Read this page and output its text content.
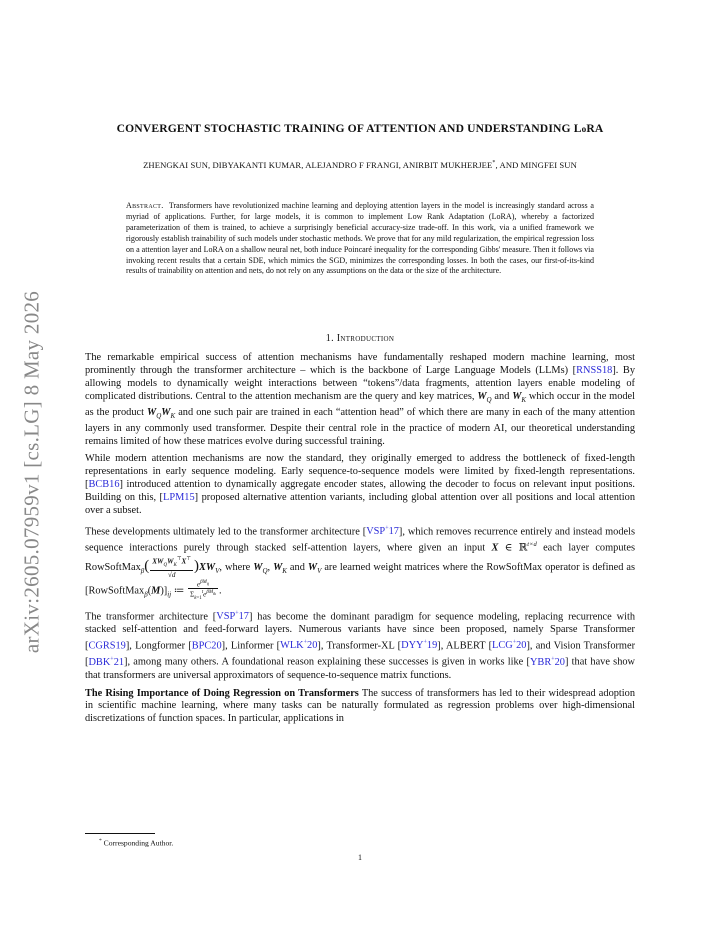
arXiv:2605.07959v1 [cs.LG] 8 May 2026
CONVERGENT STOCHASTIC TRAINING OF ATTENTION AND UNDERSTANDING LoRA
ZHENGKAI SUN, DIBYAKANTI KUMAR, ALEJANDRO F FRANGI, ANIRBIT MUKHERJEE*, AND MINGFEI SUN
Abstract. Transformers have revolutionized machine learning and deploying attention layers in the model is increasingly standard across a myriad of applications. Further, for large models, it is common to implement Low Rank Adaptation (LoRA), whereby a factorized parameterization of them is trained, to achieve a surprisingly beneficial accuracy-size trade-off. In this work, via a unified framework we rigorously establish trainability of such models under stochastic methods. We prove that for any mild regularization, the empirical regression loss on a attention layer and LoRA on a shallow neural net, both induce Poincaré inequality for the corresponding Gibbs' measure. Then it follows via invoking recent results that a certain SDE, which mimics the SGD, minimizes the corresponding losses. In both the cases, our first-of-its-kind results of trainability on attention and nets, do not rely on any assumptions on the data or the size of the architecture.
1. Introduction

The remarkable empirical success of attention mechanisms have fundamentally reshaped modern machine learning, most prominently through the transformer architecture – which is the backbone of Large Language Models (LLMs) [RNSS18]. By allowing models to dynamically weight interactions between “tokens”/data fragments, attention layers enable modeling of complicated distributions. Central to the attention mechanism are the query and key matrices, $W_Q$ and $W_K$ which occur in the model as the product $W_QW_K$ and one such pair are trained in each “attention head” of which there are many in each of the many attention layers in any commonly used transformer. Despite their central role in the practice of modern AI, our theoretical understanding remains limited of how these matrices evolve during successful training.

While modern attention mechanisms are now the standard, they originally emerged to address the bottleneck of fixed-length representations in early sequence modeling. Early sequence-to-sequence models were limited by fixed-length representations. [BCB16] introduced attention to dynamically aggregate encoder states, allowing the decoder to focus on relevant input positions. Building on this, [LPM15] proposed alternative attention variants, including global attention over all positions and local attention over a subset.

These developments ultimately led to the transformer architecture [VSP+17], which removes recurrence entirely and instead models sequence interactions purely through stacked self-attention layers, where given an input X ∈ ℝ$^{t\times d}$ each layer computes RowSoftMax$_\beta$( $\frac{XW_QW_K^⊤X^⊤}{√d} )XW_V$, where $W_Q$, $W_K$ and $W_V$ are learned weight matrices where the RowSoftMax operator is defined as $[RowSoftMax_\beta(M)]_{ij}$ ≔ $\frac{e^{\beta M_{ij}}}{\Sigma_{k=1}^te^{\beta M_{ik}}}$ .

The transformer architecture [VSP+17] has become the dominant paradigm for sequence modeling, replacing recurrence with stacked self-attention and feed-forward layers. Numerous variants have since been proposed, namely Sparse Transformer [CGRS19], Longformer [BPC20], Linformer [WLK+20], Transformer-XL [DYY+19], ALBERT [LCG+20], and Vision Transformer [DBK+21], among many others. A foundational reason explaining these successes is given in works like [YBR+20] that have show that transformers are universal approximators of sequence-to-sequence matrix functions.

The Rising Importance of Doing Regression on Transformers The success of transformers has led to their widespread adoption in scientific machine learning, where many tasks can be naturally formulated as regression problems over high-dimensional discretizations of function spaces. In particular, applications in

* Corresponding Author.
1
